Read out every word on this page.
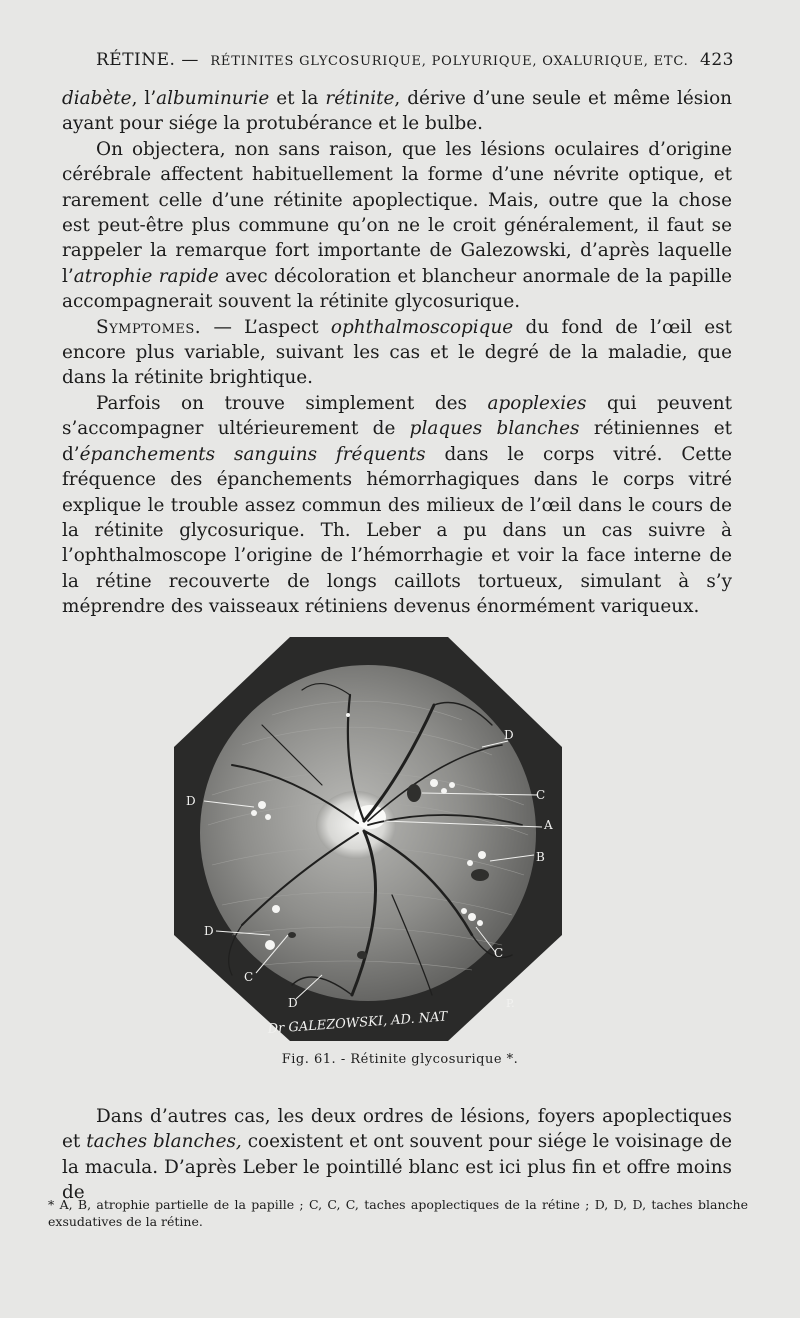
RÉTINE. — RÉTINITES GLYCOSURIQUE, POLYURIQUE, OXALURIQUE, ETC. 423

diabète, l’albuminurie et la rétinite, dérive d’une seule et même lésion ayant pour siége la protubérance et le bulbe.

On objectera, non sans raison, que les lésions oculaires d’origine cérébrale affectent habituellement la forme d’une névrite optique, et rarement celle d’une rétinite apoplectique. Mais, outre que la chose est peut-être plus commune qu’on ne le croit généralement, il faut se rappeler la remarque fort importante de Galezowski, d’après laquelle l’atrophie rapide avec décoloration et blancheur anormale de la papille accompagnerait souvent la rétinite glycosurique.

Symptomes. — L’aspect ophthalmoscopique du fond de l’œil est encore plus variable, suivant les cas et le degré de la maladie, que dans la rétinite brightique.

Parfois on trouve simplement des apoplexies qui peuvent s’accompagner ultérieurement de plaques blanches rétiniennes et d’épanchements sanguins fréquents dans le corps vitré. Cette fréquence des épanchements hémorrhagiques dans le corps vitré explique le trouble assez commun des milieux de l’œil dans le cours de la rétinite glycosurique. Th. Leber a pu dans un cas suivre à l’ophthalmoscope l’origine de l’hémorrhagie et voir la face interne de la rétine recouverte de longs caillots tortueux, simulant à s’y méprendre des vaisseaux rétiniens devenus énormément variqueux.

D
C
A
B
D
D
C
D
C
Dr GALEZOWSKI, AD. NAT
P.
Fig. 61. - Rétinite glycosurique *.

Dans d’autres cas, les deux ordres de lésions, foyers apoplectiques et taches blanches, coexistent et ont souvent pour siége le voisinage de la macula. D’après Leber le pointillé blanc est ici plus fin et offre moins de

* A, B, atrophie partielle de la papille ; C, C, C, taches apoplectiques de la rétine ; D, D, D, taches blanche exsudatives de la rétine.
